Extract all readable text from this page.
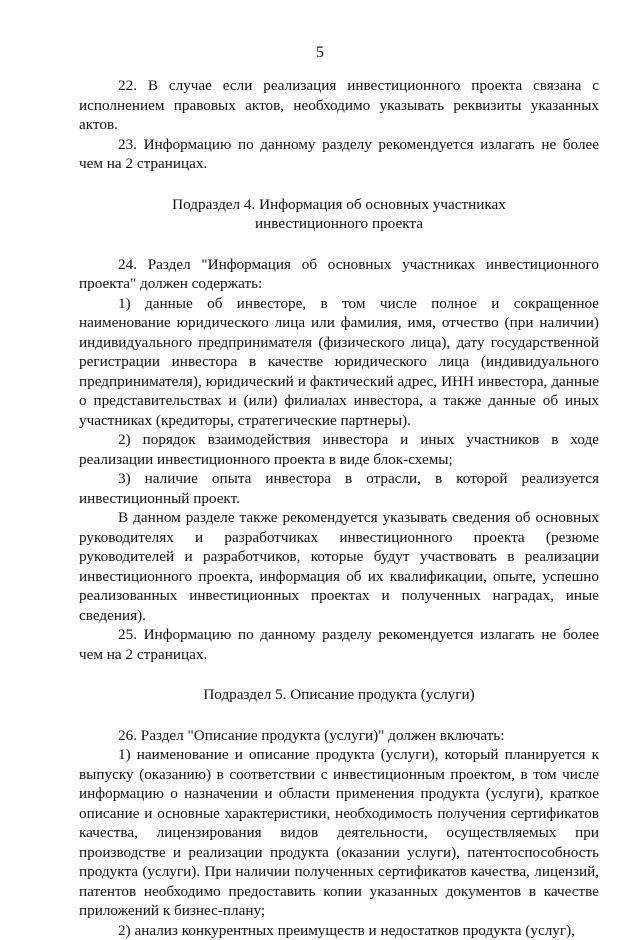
5

22. В случае если реализация инвестиционного проекта связана с исполнением правовых актов, необходимо указывать реквизиты указанных актов.

23. Информацию по данному разделу рекомендуется излагать не более чем на 2 страницах.

Подраздел 4. Информация об основных участниках
инвестиционного проекта

24. Раздел "Информация об основных участниках инвестиционного проекта" должен содержать:

1) данные об инвесторе, в том числе полное и сокращенное наименование юридического лица или фамилия, имя, отчество (при наличии) индивидуального предпринимателя (физического лица), дату государственной регистрации инвестора в качестве юридического лица (индивидуального предпринимателя), юридический и фактический адрес, ИНН инвестора, данные о представительствах и (или) филиалах инвестора, а также данные об иных участниках (кредиторы, стратегические партнеры).

2) порядок взаимодействия инвестора и иных участников в ходе реализации инвестиционного проекта в виде блок-схемы;

3) наличие опыта инвестора в отрасли, в которой реализуется инвестиционный проект.

В данном разделе также рекомендуется указывать сведения об основных руководителях и разработчиках инвестиционного проекта (резюме руководителей и разработчиков, которые будут участвовать в реализации инвестиционного проекта, информация об их квалификации, опыте, успешно реализованных инвестиционных проектах и полученных наградах, иные сведения).

25. Информацию по данному разделу рекомендуется излагать не более чем на 2 страницах.

Подраздел 5. Описание продукта (услуги)

26. Раздел "Описание продукта (услуги)" должен включать:

1) наименование и описание продукта (услуги), который планируется к выпуску (оказанию) в соответствии с инвестиционным проектом, в том числе информацию о назначении и области применения продукта (услуги), краткое описание и основные характеристики, необходимость получения сертификатов качества, лицензирования видов деятельности, осуществляемых при производстве и реализации продукта (оказании услуги), патентоспособность продукта (услуги). При наличии полученных сертификатов качества, лицензий, патентов необходимо предоставить копии указанных документов в качестве приложений к бизнес-плану;

2) анализ конкурентных преимуществ и недостатков продукта (услуг),
